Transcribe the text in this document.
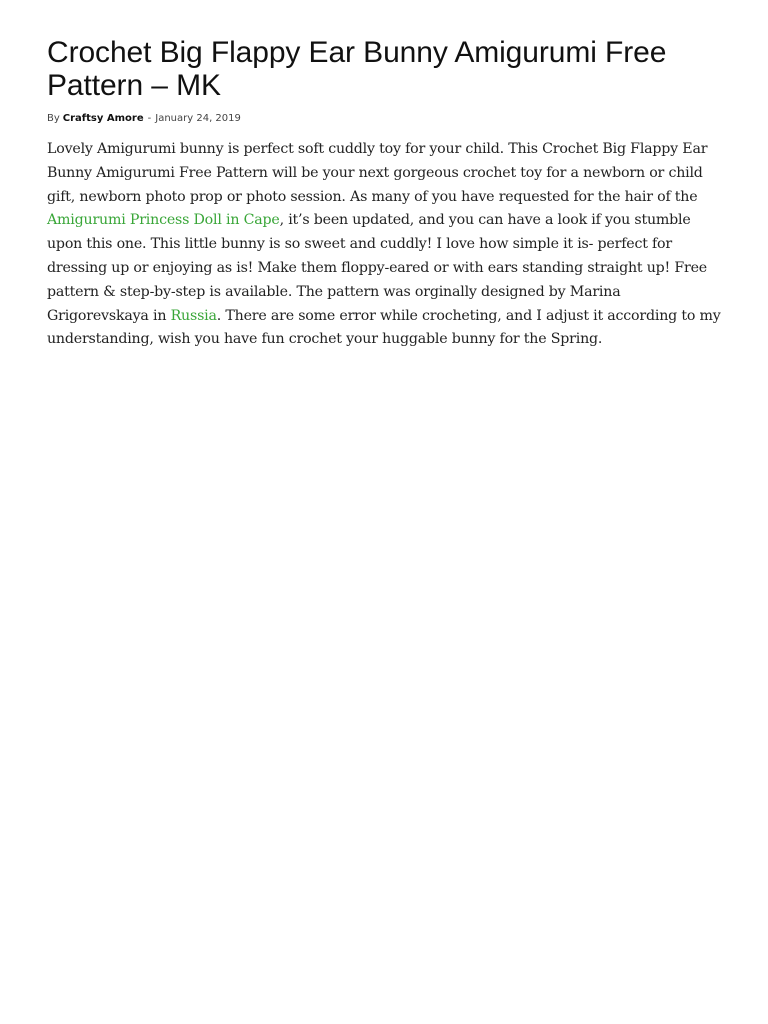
Crochet Big Flappy Ear Bunny Amigurumi Free Pattern – MK
By Craftsy Amore - January 24, 2019

Lovely Amigurumi bunny is perfect soft cuddly toy for your child. This Crochet Big Flappy Ear Bunny Amigurumi Free Pattern will be your next gorgeous crochet toy for a newborn or child gift, newborn photo prop or photo session. As many of you have requested for the hair of the Amigurumi Princess Doll in Cape, it’s been updated, and you can have a look if you stumble upon this one. This little bunny is so sweet and cuddly! I love how simple it is- perfect for dressing up or enjoying as is! Make them floppy-eared or with ears standing straight up! Free pattern & step-by-step is available. The pattern was orginally designed by Marina Grigorevskaya in Russia. There are some error while crocheting, and I adjust it according to my understanding, wish you have fun crochet your huggable bunny for the Spring.
